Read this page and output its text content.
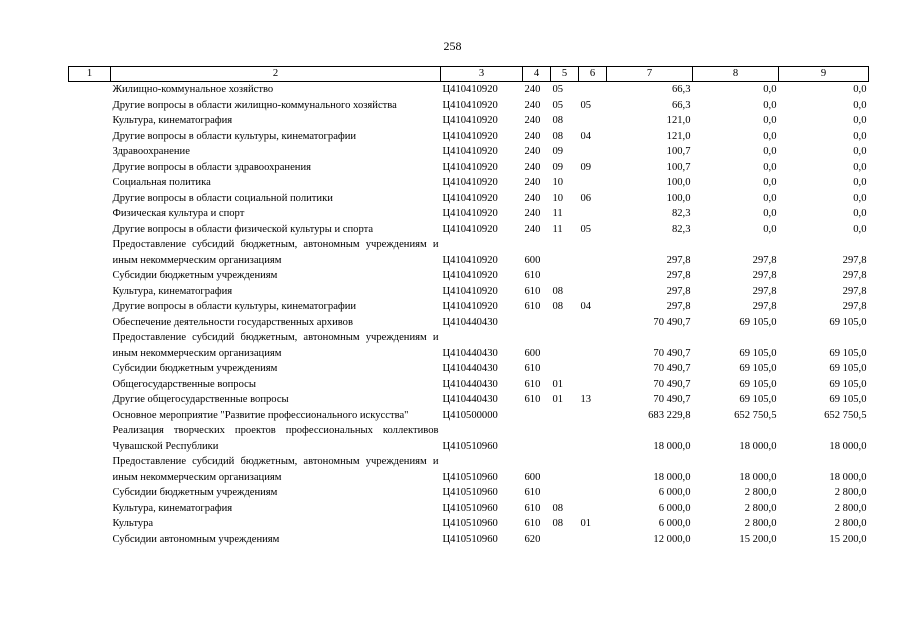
258
1	2	3	4	5	6	7	8	9
	Жилищно-коммунальное хозяйство	Ц410410920	240	05		66,3	0,0	0,0
	Другие вопросы в области жилищно-коммунального хозяйства	Ц410410920	240	05	05	66,3	0,0	0,0
	Культура, кинематография	Ц410410920	240	08		121,0	0,0	0,0
	Другие вопросы в области культуры, кинематографии	Ц410410920	240	08	04	121,0	0,0	0,0
	Здравоохранение	Ц410410920	240	09		100,7	0,0	0,0
	Другие вопросы в области здравоохранения	Ц410410920	240	09	09	100,7	0,0	0,0
	Социальная политика	Ц410410920	240	10		100,0	0,0	0,0
	Другие вопросы в области социальной политики	Ц410410920	240	10	06	100,0	0,0	0,0
	Физическая культура и спорт	Ц410410920	240	11		82,3	0,0	0,0
	Другие вопросы в области физической культуры и спорта	Ц410410920	240	11	05	82,3	0,0	0,0
	Предоставление субсидий бюджетным, автономным учреждениям и иным некоммерческим организациям	Ц410410920	600			297,8	297,8	297,8
	Субсидии бюджетным учреждениям	Ц410410920	610			297,8	297,8	297,8
	Культура, кинематография	Ц410410920	610	08		297,8	297,8	297,8
	Другие вопросы в области культуры, кинематографии	Ц410410920	610	08	04	297,8	297,8	297,8
	Обеспечение деятельности государственных архивов	Ц410440430				70 490,7	69 105,0	69 105,0
	Предоставление субсидий бюджетным, автономным учреждениям и иным некоммерческим организациям	Ц410440430	600			70 490,7	69 105,0	69 105,0
	Субсидии бюджетным учреждениям	Ц410440430	610			70 490,7	69 105,0	69 105,0
	Общегосударственные вопросы	Ц410440430	610	01		70 490,7	69 105,0	69 105,0
	Другие общегосударственные вопросы	Ц410440430	610	01	13	70 490,7	69 105,0	69 105,0
	Основное мероприятие "Развитие профессионального искусства"	Ц410500000				683 229,8	652 750,5	652 750,5
	Реализация творческих проектов профессиональных коллективов Чувашской Республики	Ц410510960				18 000,0	18 000,0	18 000,0
	Предоставление субсидий бюджетным, автономным учреждениям и иным некоммерческим организациям	Ц410510960	600			18 000,0	18 000,0	18 000,0
	Субсидии бюджетным учреждениям	Ц410510960	610			6 000,0	2 800,0	2 800,0
	Культура, кинематография	Ц410510960	610	08		6 000,0	2 800,0	2 800,0
	Культура	Ц410510960	610	08	01	6 000,0	2 800,0	2 800,0
	Субсидии автономным учреждениям	Ц410510960	620			12 000,0	15 200,0	15 200,0
